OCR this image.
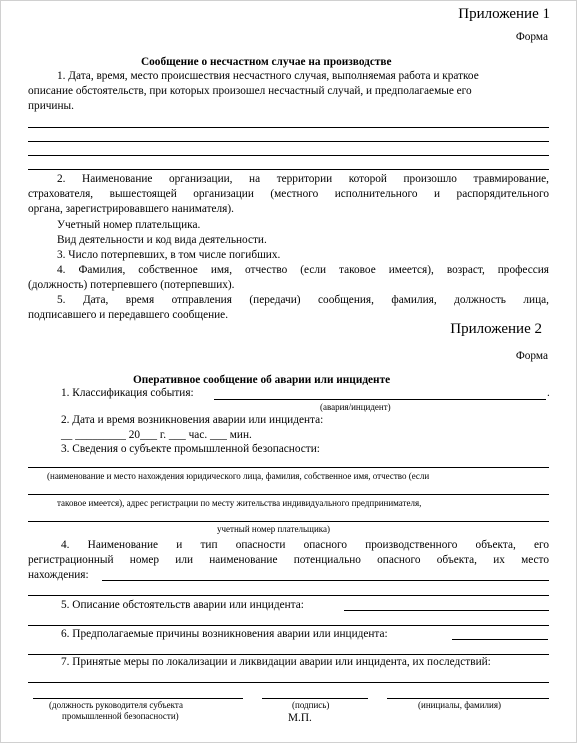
Приложение 1
Форма
Сообщение о несчастном случае на производстве
1. Дата, время, место происшествия несчастного случая, выполняемая работа и краткое
описание обстоятельств, при которых произошел несчастный случай, и предполагаемые его
причины.
2. Наименование организации, на территории которой произошло травмирование,
страхователя, вышестоящей организации (местного исполнительного и распорядительного
органа, зарегистрировавшего нанимателя).
Учетный номер плательщика.
Вид деятельности и код вида деятельности.
3. Число потерпевших, в том числе погибших.
4. Фамилия, собственное имя, отчество (если таковое имеется), возраст, профессия
(должность) потерпевшего (потерпевших).
5. Дата, время отправления (передачи) сообщения, фамилия, должность лица,
подписавшего и передавшего сообщение.
Приложение 2
Форма
Оперативное сообщение об аварии или инциденте
1. Классификация события:	.
(авария/инцидент)
2. Дата и время возникновения аварии или инцидента:
__ _________ 20___ г. ___ час. ___ мин.
3. Сведения о субъекте промышленной безопасности:
(наименование и место нахождения юридического лица, фамилия, собственное имя, отчество (если
таковое имеется), адрес регистрации по месту жительства индивидуального предпринимателя,
учетный номер плательщика)
4. Наименование и тип опасности опасного производственного объекта, его
регистрационный номер или наименование потенциально опасного объекта, их место
нахождения:
5. Описание обстоятельств аварии или инцидента:
6. Предполагаемые причины возникновения аварии или инцидента:
7. Принятые меры по локализации и ликвидации аварии или инцидента, их последствий:
(должность руководителя субъекта
промышленной безопасности)
(подпись)	(инициалы, фамилия)
М.П.
